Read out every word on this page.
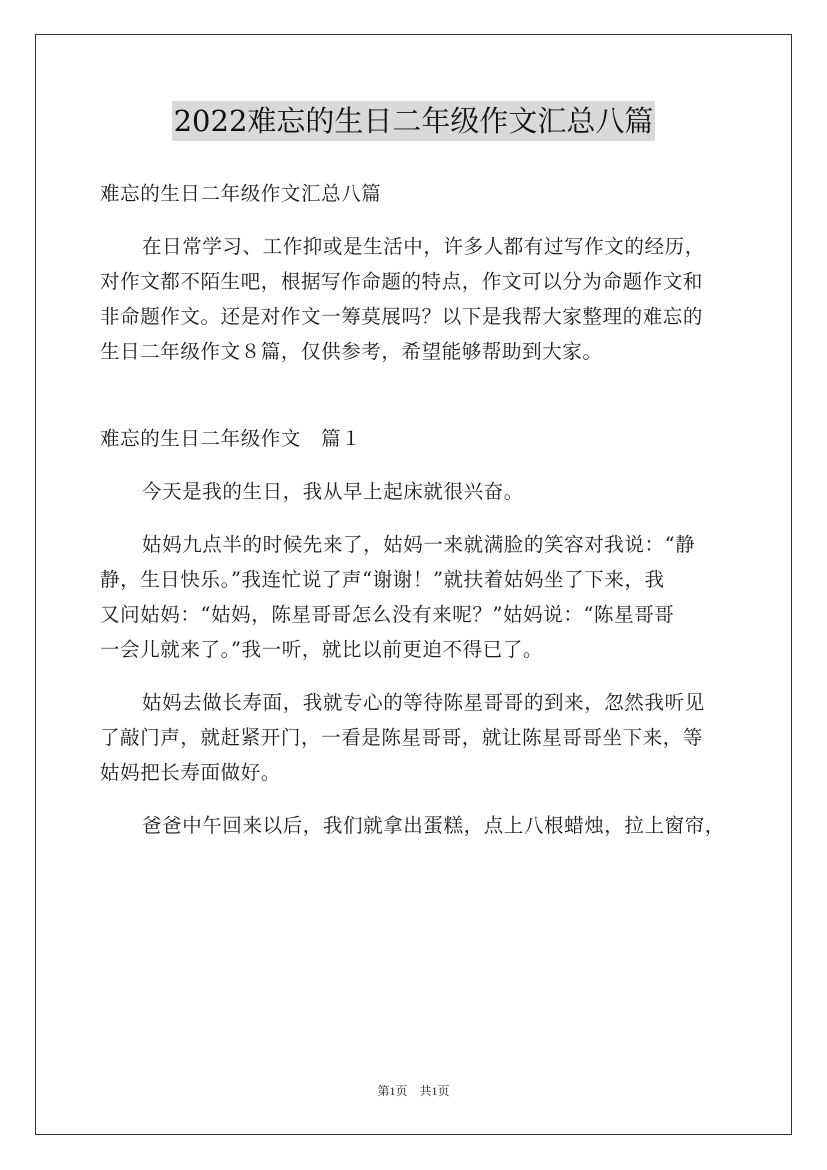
2022难忘的生日二年级作文汇总八篇
难忘的生日二年级作文汇总八篇
在日常学习、工作抑或是生活中，许多人都有过写作文的经历，
对作文都不陌生吧，根据写作命题的特点，作文可以分为命题作文和
非命题作文。还是对作文一筹莫展吗？以下是我帮大家整理的难忘的
生日二年级作文８篇，仅供参考，希望能够帮助到大家。
难忘的生日二年级作文　篇１
今天是我的生日，我从早上起床就很兴奋。
姑妈九点半的时候先来了，姑妈一来就满脸的笑容对我说：“静
静，生日快乐。”我连忙说了声“谢谢！”就扶着姑妈坐了下来，我
又问姑妈：“姑妈，陈星哥哥怎么没有来呢？”姑妈说：“陈星哥哥
一会儿就来了。”我一听，就比以前更迫不得已了。
姑妈去做长寿面，我就专心的等待陈星哥哥的到来，忽然我听见
了敲门声，就赶紧开门，一看是陈星哥哥，就让陈星哥哥坐下来，等
姑妈把长寿面做好。
爸爸中午回来以后，我们就拿出蛋糕，点上八根蜡烛，拉上窗帘，
第1页　共1页
